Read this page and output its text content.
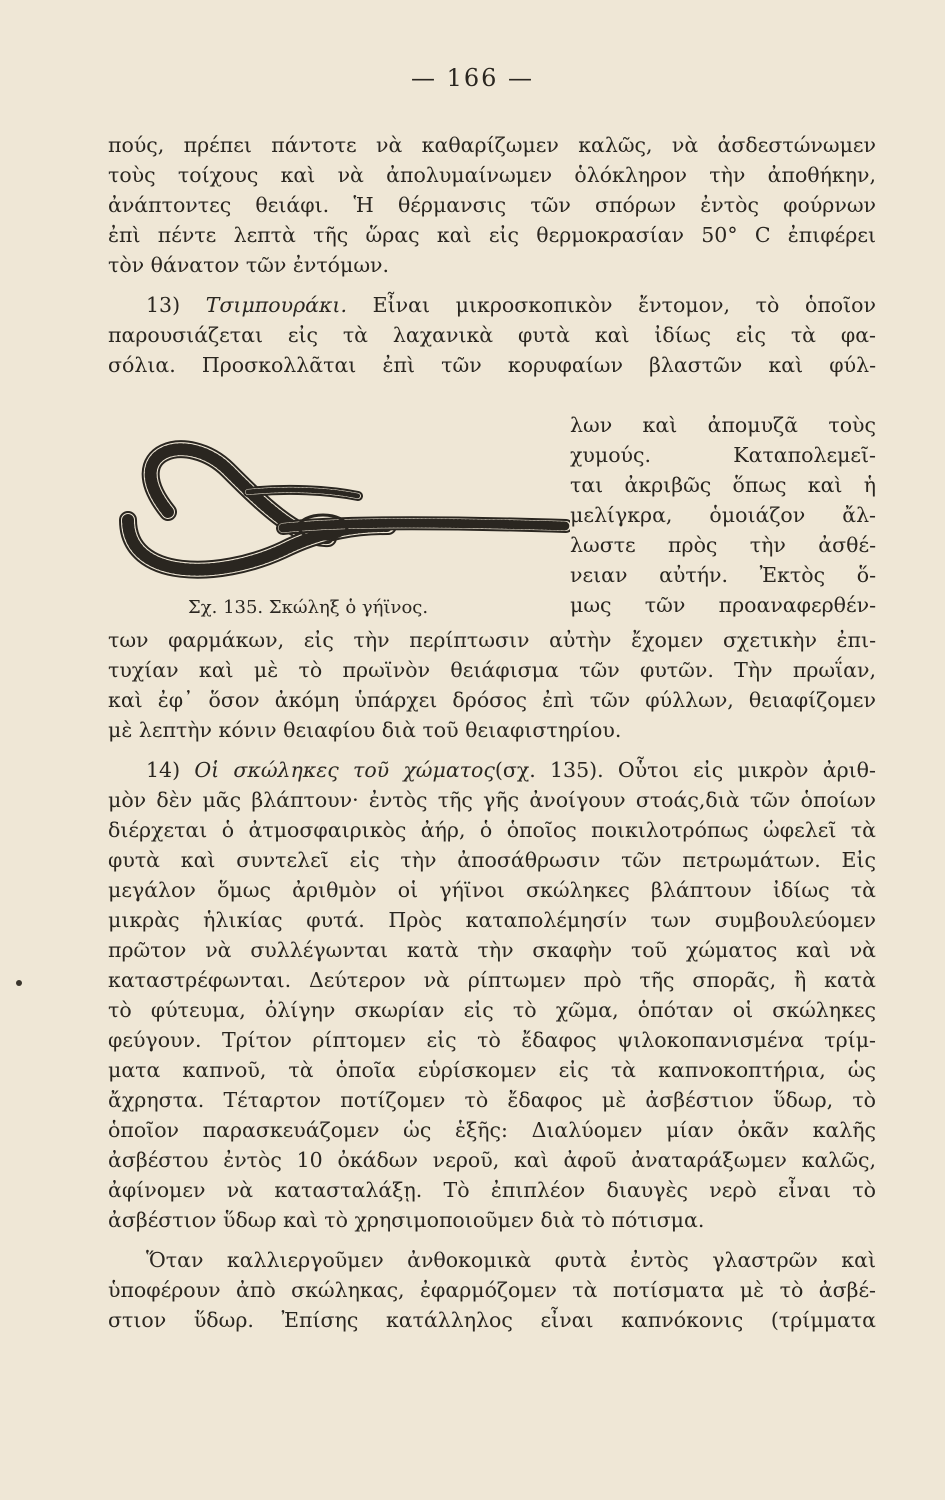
— 166 —
πούς, πρέπει πάντοτε νὰ καθαρίζωμεν καλῶς, νὰ ἀσδεστώνωμεν
τοὺς τοίχους καὶ νὰ ἀπολυμαίνωμεν ὁλόκληρον τὴν ἀποθήκην,
ἀνάπτοντες θειάφι. Ἡ θέρμανσις τῶν σπόρων ἐντὸς φούρνων
ἐπὶ πέντε λεπτὰ τῆς ὥρας καὶ εἰς θερμοκρασίαν 50° C ἐπιφέρει
τὸν θάνατον τῶν ἐντόμων.
13) Τσιμπουράκι. Εἶναι μικροσκοπικὸν ἔντομον, τὸ ὁποῖον
παρουσιάζεται εἰς τὰ λαχανικὰ φυτὰ καὶ ἰδίως εἰς τὰ φα-
σόλια. Προσκολλᾶται ἐπὶ τῶν κορυφαίων βλαστῶν καὶ φύλ-
Σχ. 135. Σκώληξ ὁ γήϊνος.
λων καὶ ἀπομυζᾶ τοὺς
χυμούς. Καταπολεμεῖ-
ται ἀκριβῶς ὅπως καὶ ἡ
μελίγκρα, ὁμοιάζον ἄλ-
λωστε πρὸς τὴν ἀσθέ-
νειαν αὐτήν. Ἐκτὸς ὅ-
μως τῶν προαναφερθέν-
των φαρμάκων, εἰς τὴν περίπτωσιν αὐτὴν ἔχομεν σχετικὴν ἐπι-
τυχίαν καὶ μὲ τὸ πρωϊνὸν θειάφισμα τῶν φυτῶν. Τὴν πρωΐαν,
καὶ ἐφ᾽ ὅσον ἀκόμη ὑπάρχει δρόσος ἐπὶ τῶν φύλλων, θειαφίζομεν
μὲ λεπτὴν κόνιν θειαφίου διὰ τοῦ θειαφιστηρίου.
14) Οἱ σκώληκες τοῦ χώματος(σχ. 135). Οὗτοι εἰς μικρὸν ἀριθ-
μὸν δὲν μᾶς βλάπτουν· ἐντὸς τῆς γῆς ἀνοίγουν στοάς,διὰ τῶν ὁποίων
διέρχεται ὁ ἀτμοσφαιρικὸς ἀήρ, ὁ ὁποῖος ποικιλοτρόπως ὠφελεῖ τὰ
φυτὰ καὶ συντελεῖ εἰς τὴν ἀποσάθρωσιν τῶν πετρωμάτων. Εἰς
μεγάλον ὅμως ἀριθμὸν οἱ γήϊνοι σκώληκες βλάπτουν ἰδίως τὰ
μικρὰς ἡλικίας φυτά. Πρὸς καταπολέμησίν των συμβουλεύομεν
πρῶτον νὰ συλλέγωνται κατὰ τὴν σκαφὴν τοῦ χώματος καὶ νὰ
καταστρέφωνται. Δεύτερον νὰ ρίπτωμεν πρὸ τῆς σπορᾶς, ἢ κατὰ
τὸ φύτευμα, ὀλίγην σκωρίαν εἰς τὸ χῶμα, ὁπόταν οἱ σκώληκες
φεύγουν. Τρίτον ρίπτομεν εἰς τὸ ἔδαφος ψιλοκοπανισμένα τρίμ-
ματα καπνοῦ, τὰ ὁποῖα εὑρίσκομεν εἰς τὰ καπνοκοπτήρια, ὡς
ἄχρηστα. Τέταρτον ποτίζομεν τὸ ἔδαφος μὲ ἀσβέστιον ὕδωρ, τὸ
ὁποῖον παρασκευάζομεν ὡς ἑξῆς: Διαλύομεν μίαν ὀκᾶν καλῆς
ἀσβέστου ἐντὸς 10 ὀκάδων νεροῦ, καὶ ἀφοῦ ἀναταράξωμεν καλῶς,
ἀφίνομεν νὰ κατασταλάξῃ. Τὸ ἐπιπλέον διαυγὲς νερὸ εἶναι τὸ
ἀσβέστιον ὕδωρ καὶ τὸ χρησιμοποιοῦμεν διὰ τὸ πότισμα.
Ὅταν καλλιεργοῦμεν ἀνθοκομικὰ φυτὰ ἐντὸς γλαστρῶν καὶ
ὑποφέρουν ἀπὸ σκώληκας, ἐφαρμόζομεν τὰ ποτίσματα μὲ τὸ ἀσβέ-
στιον ὕδωρ. Ἐπίσης κατάλληλος εἶναι καπνόκονις (τρίμματα
